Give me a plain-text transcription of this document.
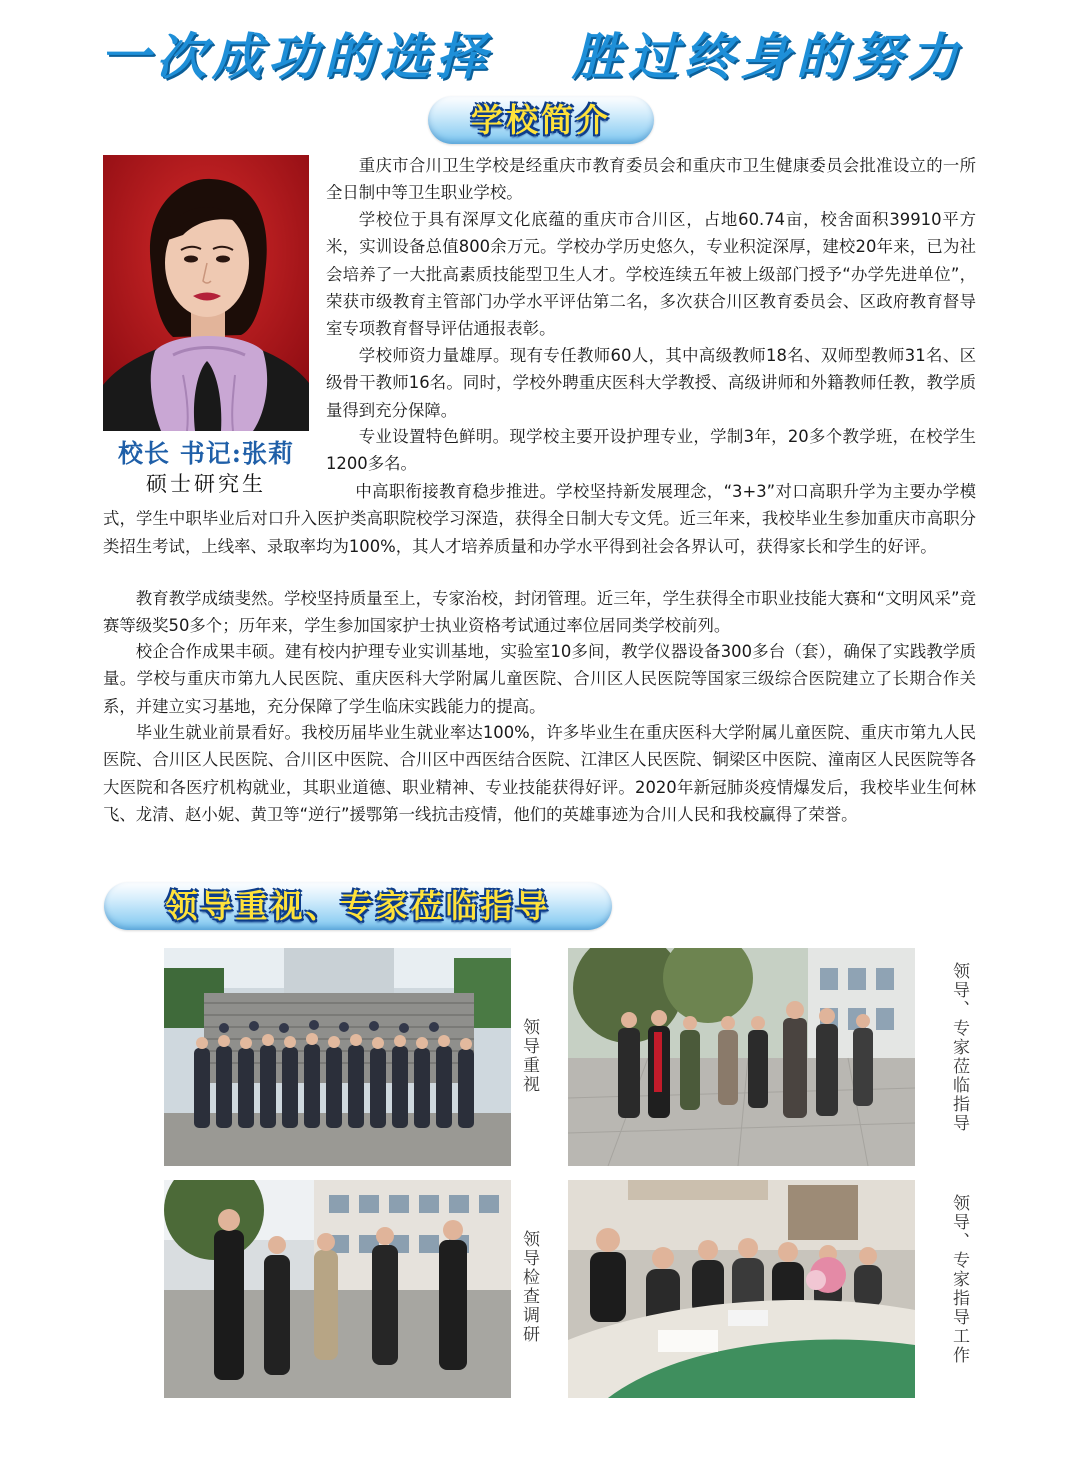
一次成功的选择 胜过终身的努力
学校简介
校长 书记:张莉
硕士研究生

重庆市合川卫生学校是经重庆市教育委员会和重庆市卫生健康委员会批准设立的一所全日制中等卫生职业学校。

学校位于具有深厚文化底蕴的重庆市合川区，占地60.74亩，校舍面积39910平方米，实训设备总值800余万元。学校办学历史悠久，专业积淀深厚，建校20年来，已为社会培养了一大批高素质技能型卫生人才。学校连续五年被上级部门授予“办学先进单位”，荣获市级教育主管部门办学水平评估第二名，多次获合川区教育委员会、区政府教育督导室专项教育督导评估通报表彰。

学校师资力量雄厚。现有专任教师60人，其中高级教师18名、双师型教师31名、区级骨干教师16名。同时，学校外聘重庆医科大学教授、高级讲师和外籍教师任教，教学质量得到充分保障。

专业设置特色鲜明。现学校主要开设护理专业，学制3年，20多个教学班，在校学生1200多名。

中高职衔接教育稳步推进。学校坚持新发展理念，“3+3”对口高职升学为主要办学模式，学生中职毕业后对口升入医护类高职院校学习深造，获得全日制大专文凭。近三年来，我校毕业生参加重庆市高职分类招生考试，上线率、录取率均为100%，其人才培养质量和办学水平得到社会各界认可，获得家长和学生的好评。

教育教学成绩斐然。学校坚持质量至上，专家治校，封闭管理。近三年，学生获得全市职业技能大赛和“文明风采”竞赛等级奖50多个；历年来，学生参加国家护士执业资格考试通过率位居同类学校前列。

校企合作成果丰硕。建有校内护理专业实训基地，实验室10多间，教学仪器设备300多台（套），确保了实践教学质量。学校与重庆市第九人民医院、重庆医科大学附属儿童医院、合川区人民医院等国家三级综合医院建立了长期合作关系，并建立实习基地，充分保障了学生临床实践能力的提高。

毕业生就业前景看好。我校历届毕业生就业率达100%，许多毕业生在重庆医科大学附属儿童医院、重庆市第九人民医院、合川区人民医院、合川区中医院、合川区中西医结合医院、江津区人民医院、铜梁区中医院、潼南区人民医院等各大医院和各医疗机构就业，其职业道德、职业精神、专业技能获得好评。2020年新冠肺炎疫情爆发后，我校毕业生何林飞、龙清、赵小妮、黄卫等“逆行”援鄂第一线抗击疫情，他们的英雄事迹为合川人民和我校赢得了荣誉。

领导重视、专家莅临指导
领导重视	领导、专家莅临指导
领导检查调研	领导、专家指导工作
